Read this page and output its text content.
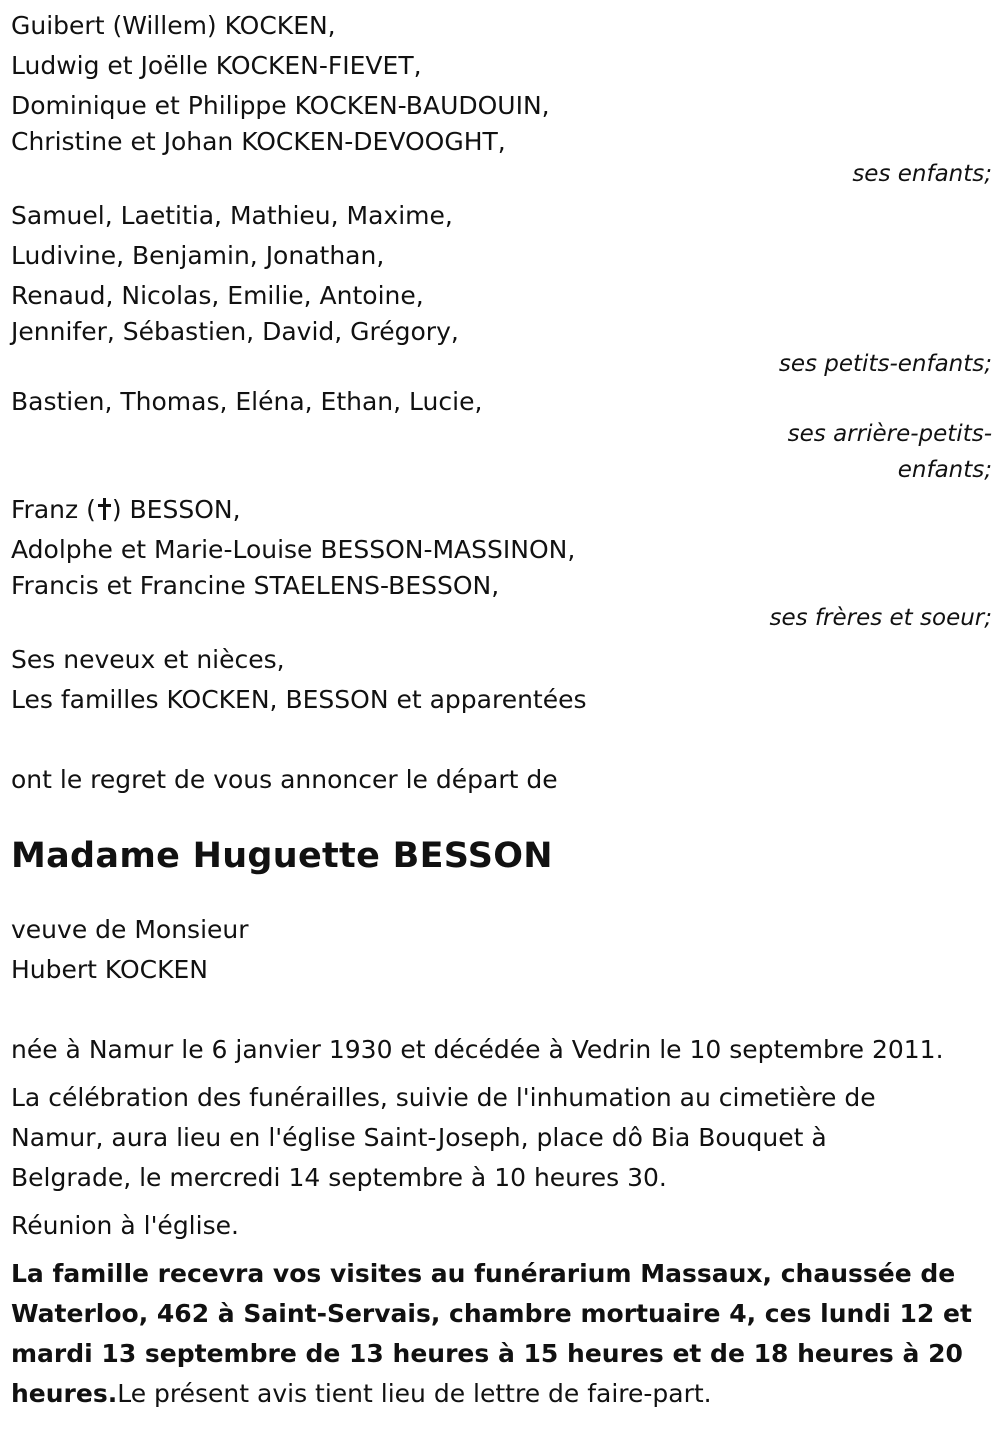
Guibert (Willem) KOCKEN,

Ludwig et Joëlle KOCKEN-FIEVET,

Dominique et Philippe KOCKEN-BAUDOUIN,

Christine et Johan KOCKEN-DEVOOGHT,

ses enfants;

Samuel, Laetitia, Mathieu, Maxime,

Ludivine, Benjamin, Jonathan,

Renaud, Nicolas, Emilie, Antoine,

Jennifer, Sébastien, David, Grégory,

ses petits-enfants;

Bastien, Thomas, Eléna, Ethan, Lucie,

ses arrière-petits-

enfants;

Franz ( ) BESSON,

Adolphe et Marie-Louise BESSON-MASSINON,

Francis et Francine STAELENS-BESSON,

ses frères et soeur;

Ses neveux et nièces,

Les familles KOCKEN, BESSON et apparentées

ont le regret de vous annoncer le départ de

Madame Huguette BESSON

veuve de Monsieur

Hubert KOCKEN

née à Namur le 6 janvier 1930 et décédée à Vedrin le 10 septembre 2011.

La célébration des funérailles, suivie de l'inhumation au cimetière de

Namur, aura lieu en l'église Saint-Joseph, place dô Bia Bouquet à

Belgrade, le mercredi 14 septembre à 10 heures 30.

Réunion à l'église.

La famille recevra vos visites au funérarium Massaux, chaussée de

Waterloo, 462 à Saint-Servais, chambre mortuaire 4, ces lundi 12 et

mardi 13 septembre de 13 heures à 15 heures et de 18 heures à 20

heures.Le présent avis tient lieu de lettre de faire-part.
